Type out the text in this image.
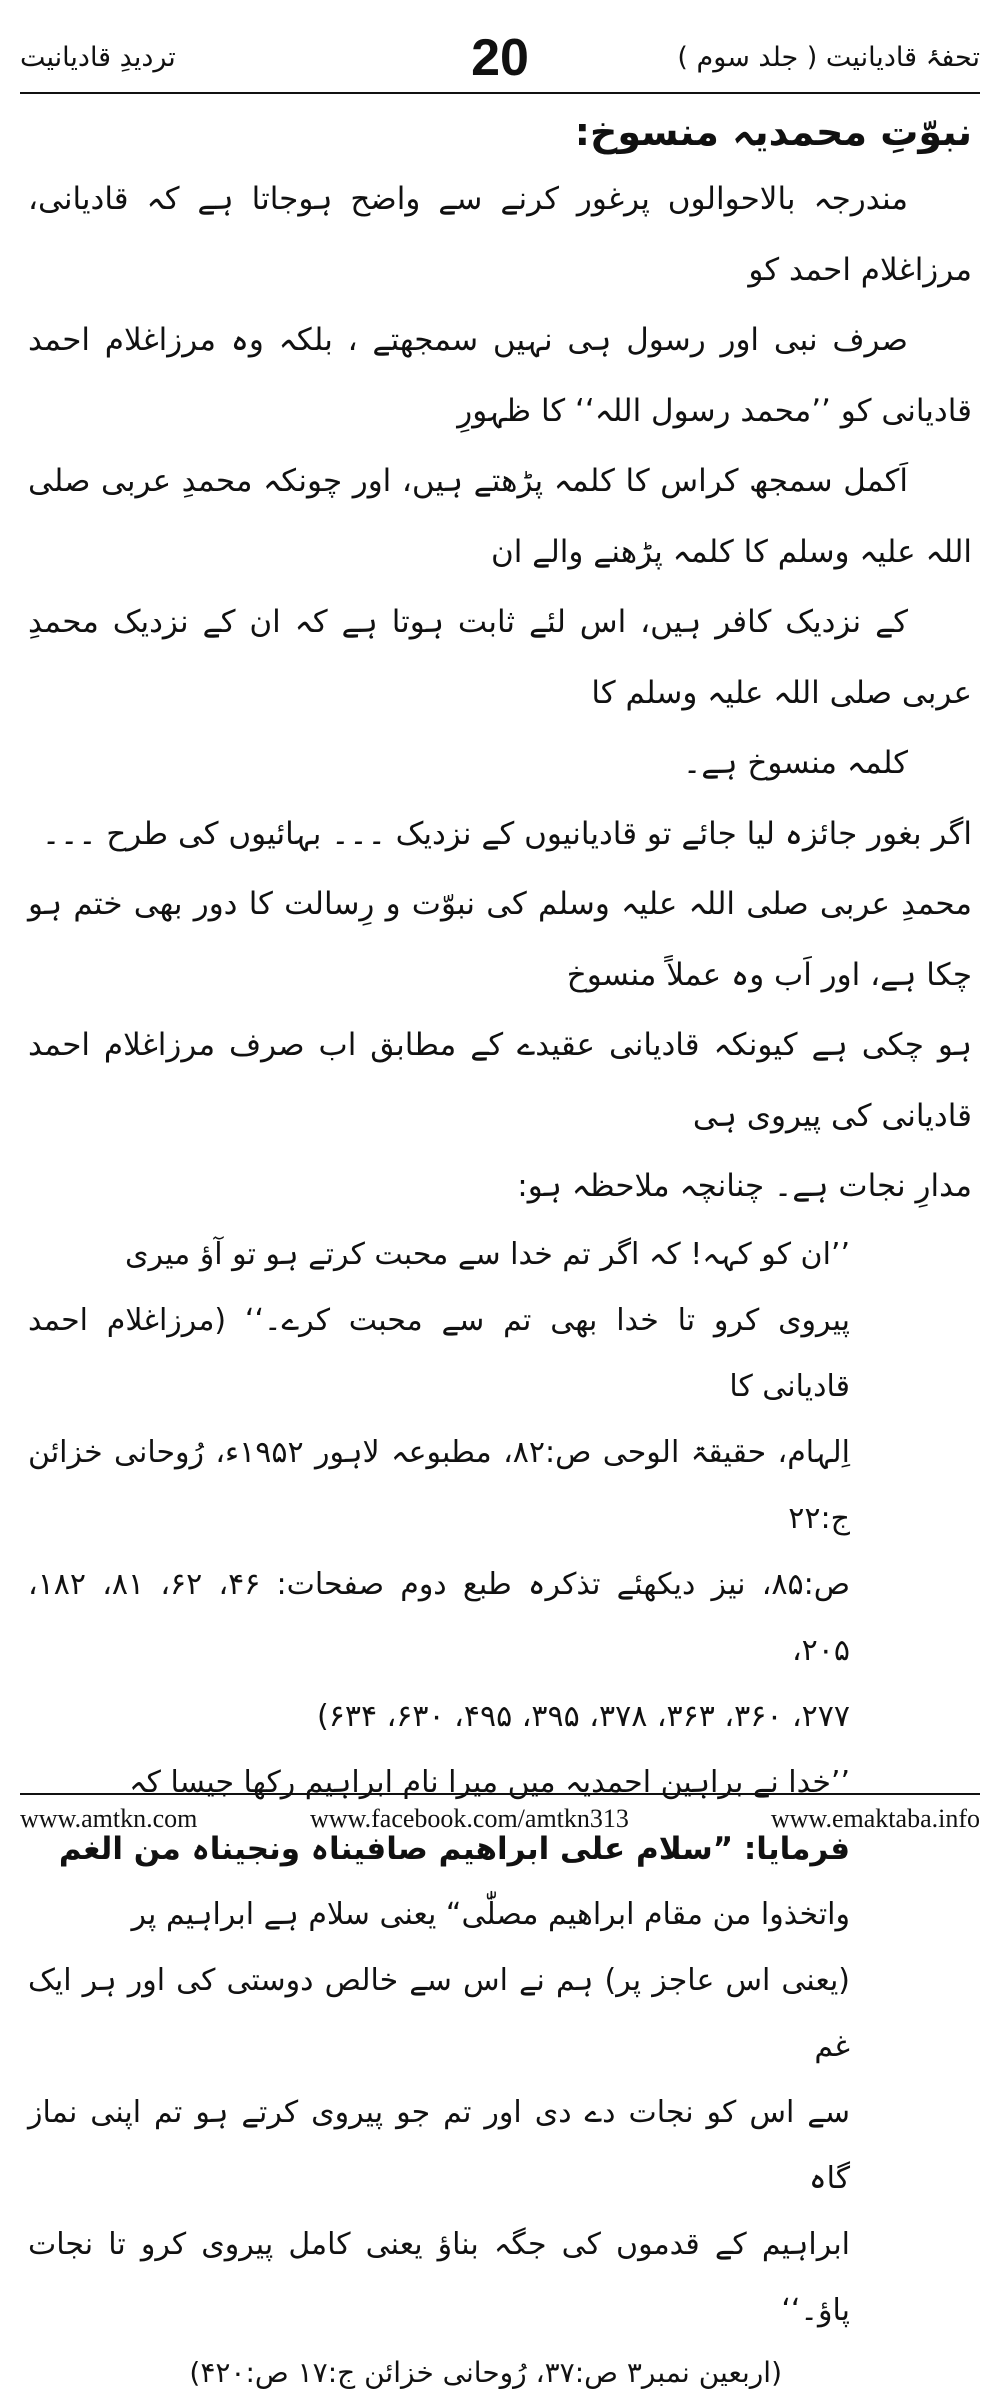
تحفۂ قادیانیت ( جلد سوم )
20
تردیدِ قادیانیت
نبوّتِ محمدیہ منسوخ:

مندرجہ بالاحوالوں پرغور کرنے سے واضح ہوجاتا ہے کہ قادیانی، مرزاغلام احمد کو
صرف نبی اور رسول ہی نہیں سمجھتے ، بلکہ وہ مرزاغلام احمد قادیانی کو ’’محمد رسول اللہ‘‘ کا ظہورِ
اَکمل سمجھ کراس کا کلمہ پڑھتے ہیں، اور چونکہ محمدِ عربی صلی اللہ علیہ وسلم کا کلمہ پڑھنے والے ان
کے نزدیک کافر ہیں، اس لئے ثابت ہوتا ہے کہ ان کے نزدیک محمدِ عربی صلی اللہ علیہ وسلم کا
کلمہ منسوخ ہے۔

اگر بغور جائزہ لیا جائے تو قادیانیوں کے نزدیک ۔۔۔ بہائیوں کی طرح ۔۔۔
محمدِ عربی صلی اللہ علیہ وسلم کی نبوّت و رِسالت کا دور بھی ختم ہو چکا ہے، اور اَب وہ عملاً منسوخ
ہو چکی ہے کیونکہ قادیانی عقیدے کے مطابق اب صرف مرزاغلام احمد قادیانی کی پیروی ہی
مدارِ نجات ہے۔ چنانچہ ملاحظہ ہو:

’’ان کو کہہ! کہ اگر تم خدا سے محبت کرتے ہو تو آؤ میری
پیروی کرو تا خدا بھی تم سے محبت کرے۔‘‘ (مرزاغلام احمد قادیانی کا
اِلہام، حقیقۃ الوحی ص:۸۲، مطبوعہ لاہور ۱۹۵۲ء، رُوحانی خزائن ج:۲۲
ص:۸۵، نیز دیکھئے تذکرہ طبع دوم صفحات: ۴۶، ۶۲، ۸۱، ۱۸۲، ۲۰۵،
۲۷۷، ۳۶۰، ۳۶۳، ۳۷۸، ۳۹۵، ۴۹۵، ۶۳۰، ۶۳۴)

’’خدا نے براہین احمدیہ میں میرا نام ابراہیم رکھا جیسا کہ
فرمایا: ”سلام علی ابراھیم صافیناہ ونجیناہ من الغم
واتخذوا من مقام ابراھیم مصلّٰی“ یعنی سلام ہے ابراہیم پر
(یعنی اس عاجز پر) ہم نے اس سے خالص دوستی کی اور ہر ایک غم
سے اس کو نجات دے دی اور تم جو پیروی کرتے ہو تم اپنی نماز گاہ
ابراہیم کے قدموں کی جگہ بناؤ یعنی کامل پیروی کرو تا نجات پاؤ۔‘‘

(اربعین نمبر۳ ص:۳۷، رُوحانی خزائن ج:۱۷ ص:۴۲۰)

www.amtkn.com	www.facebook.com/amtkn313	www.emaktaba.info
